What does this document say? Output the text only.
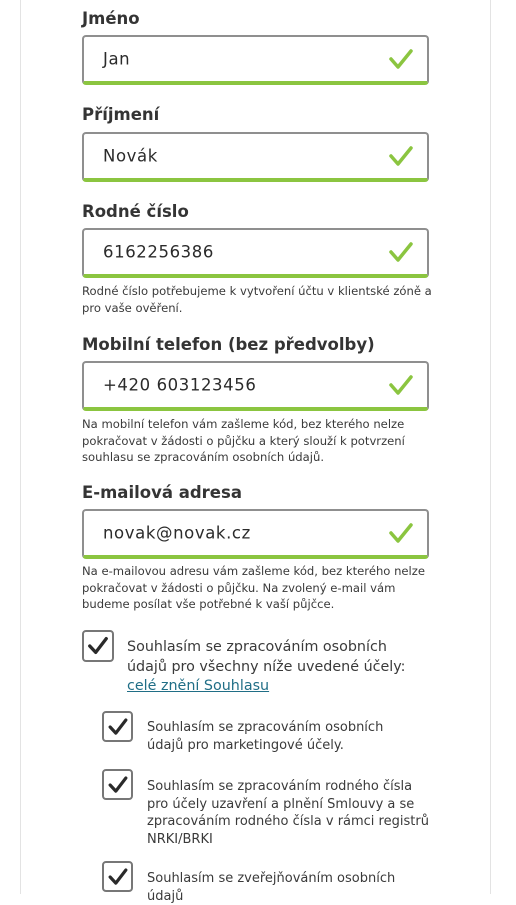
Jméno
Jan
Příjmení
Novák
Rodné číslo
6162256386
Rodné číslo potřebujeme k vytvoření účtu v klientské zóně a pro vaše ověření.
Mobilní telefon (bez předvolby)
+420 603123456
Na mobilní telefon vám zašleme kód, bez kterého nelze pokračovat v žádosti o půjčku a který slouží k potvrzení souhlasu se zpracováním osobních údajů.
E-mailová adresa
novak@novak.cz
Na e-mailovou adresu vám zašleme kód, bez kterého nelze pokračovat v žádosti o půjčku. Na zvolený e-mail vám budeme posílat vše potřebné k vaší půjčce.
Souhlasím se zpracováním osobních údajů pro všechny níže uvedené účely:
celé znění Souhlasu
Souhlasím se zpracováním osobních údajů pro marketingové účely.
Souhlasím se zpracováním rodného čísla pro účely uzavření a plnění Smlouvy a se zpracováním rodného čísla v rámci registrů NRKI/BRKI
Souhlasím se zveřejňováním osobních údajů
